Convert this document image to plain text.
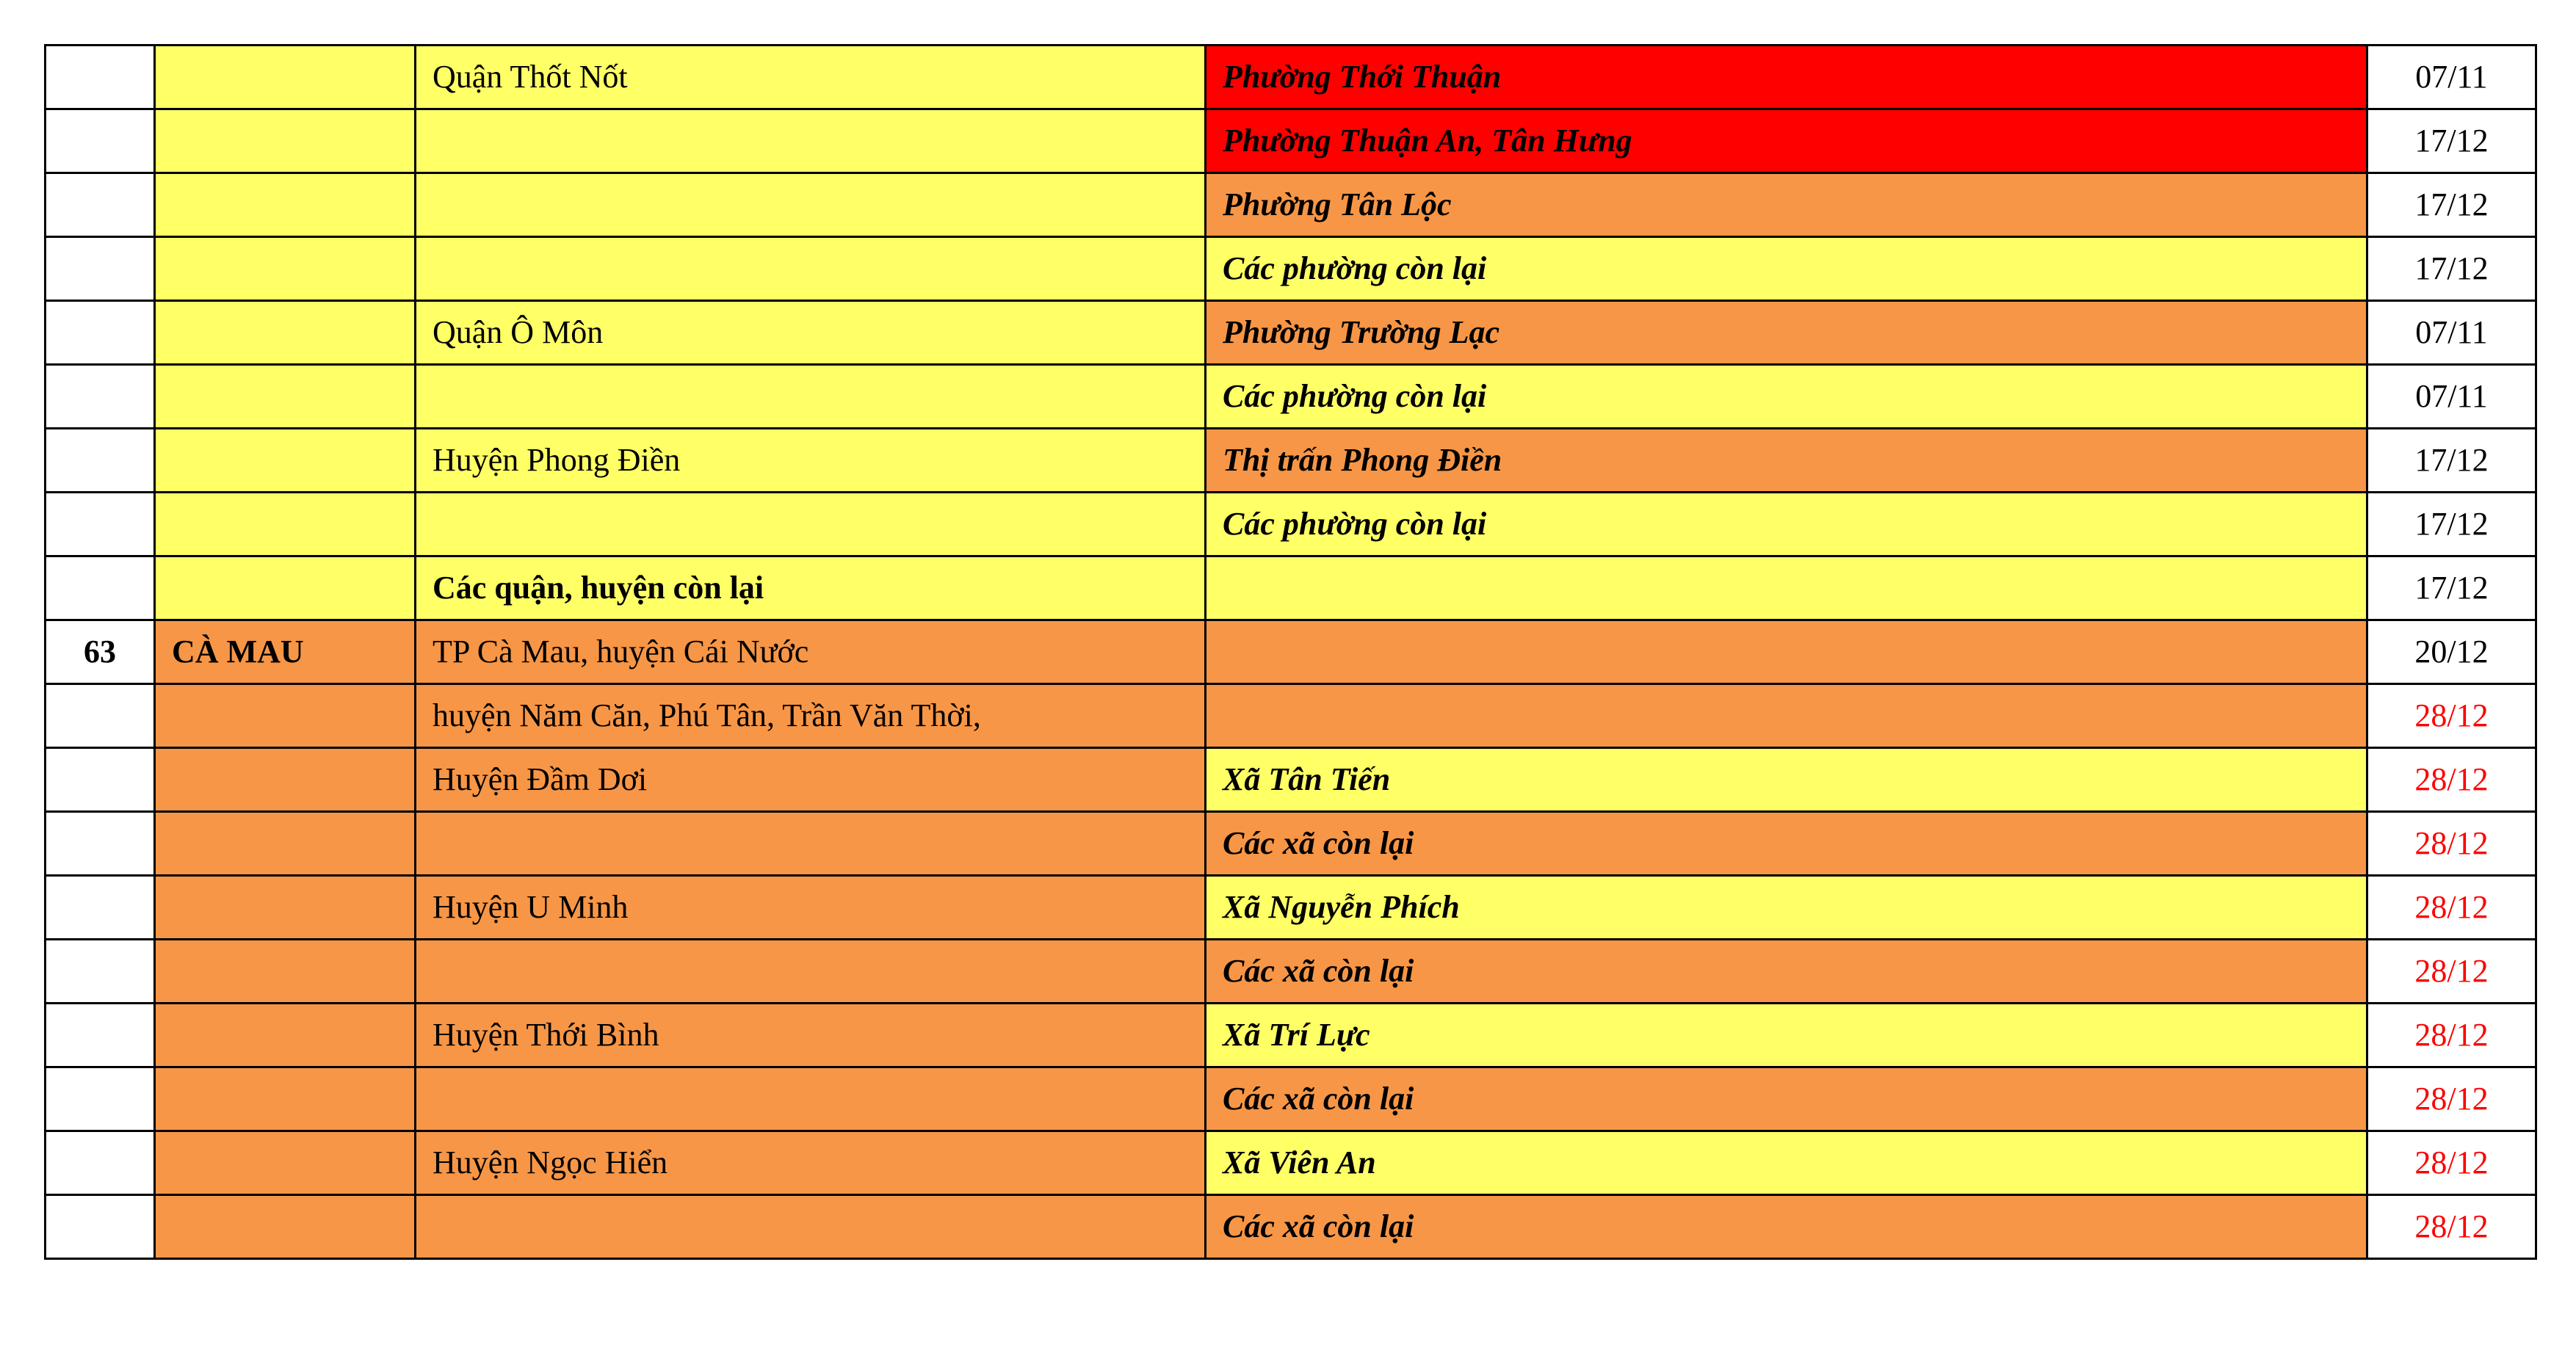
		Quận Thốt Nốt	Phường Thới Thuận	07/11
			Phường Thuận An, Tân Hưng	17/12
			Phường Tân Lộc	17/12
			Các phường còn lại	17/12
		Quận Ô Môn	Phường Trường Lạc	07/11
			Các phường còn lại	07/11
		Huyện Phong Điền	Thị trấn Phong Điền	17/12
			Các phường còn lại	17/12
		Các quận, huyện còn lại		17/12
63	CÀ MAU	TP Cà Mau, huyện Cái Nước		20/12
		huyện Năm Căn, Phú Tân, Trần Văn Thời,		28/12
		Huyện Đầm Dơi	Xã Tân Tiến	28/12
			Các xã còn lại	28/12
		Huyện U Minh	Xã Nguyễn Phích	28/12
			Các xã còn lại	28/12
		Huyện Thới Bình	Xã Trí Lực	28/12
			Các xã còn lại	28/12
		Huyện Ngọc Hiển	Xã Viên An	28/12
			Các xã còn lại	28/12
